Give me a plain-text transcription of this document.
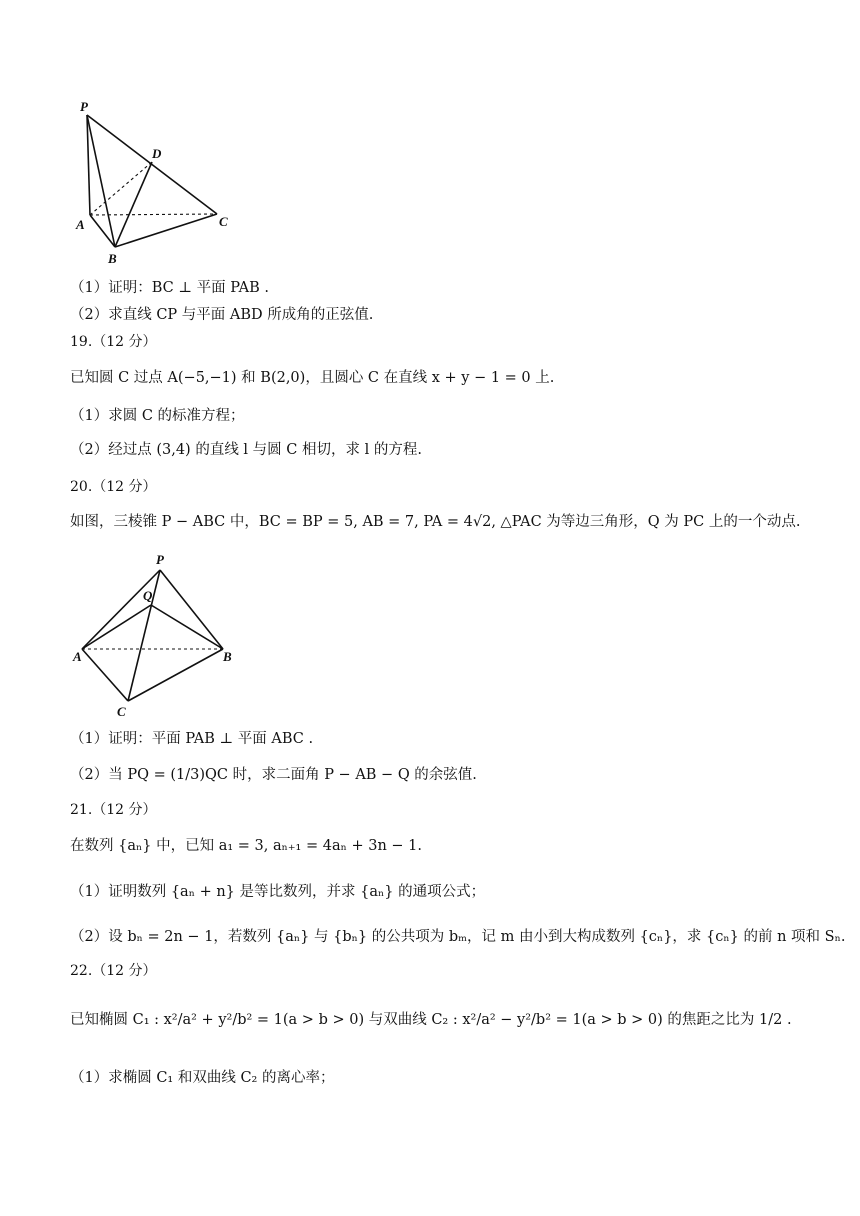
P
D
A
B
C
（1）证明：BC ⊥ 平面 PAB .
（2）求直线 CP 与平面 ABD 所成角的正弦值.
19.（12 分）
已知圆 C 过点 A(−5,−1) 和 B(2,0)，且圆心 C 在直线 x + y − 1 = 0 上.
（1）求圆 C 的标准方程；
（2）经过点 (3,4) 的直线 l 与圆 C 相切，求 l 的方程.
20.（12 分）
如图，三棱锥 P − ABC 中，BC = BP = 5, AB = 7, PA = 4√2, △PAC 为等边三角形，Q 为 PC 上的一个动点.
P
Q
A	B
C
（1）证明：平面 PAB ⊥ 平面 ABC .
（2）当 PQ = (1/3)QC 时，求二面角 P − AB − Q 的余弦值.
21.（12 分）
在数列 {aₙ} 中，已知 a₁ = 3, aₙ₊₁ = 4aₙ + 3n − 1.
（1）证明数列 {aₙ + n} 是等比数列，并求 {aₙ} 的通项公式；
（2）设 bₙ = 2n − 1，若数列 {aₙ} 与 {bₙ} 的公共项为 bₘ，记 m 由小到大构成数列 {cₙ}，求 {cₙ} 的前 n 项和 Sₙ.
22.（12 分）
已知椭圆 C₁ : x²/a² + y²/b² = 1(a > b > 0) 与双曲线 C₂ : x²/a² − y²/b² = 1(a > b > 0) 的焦距之比为 1/2 .
（1）求椭圆 C₁ 和双曲线 C₂ 的离心率；
